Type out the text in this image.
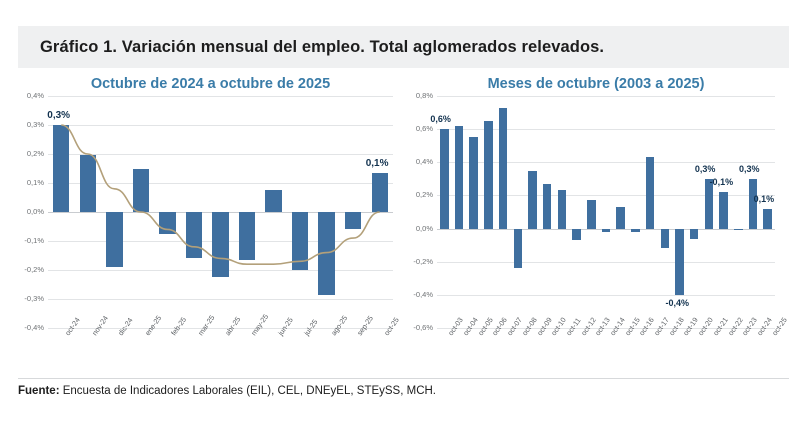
Gráfico 1. Variación mensual del empleo. Total aglomerados relevados.
Octubre de 2024 a octubre de 2025
0,4%
0,3%
0,2%
0,1%
0,0%
-0,1%
-0,2%
-0,3%
-0,4%	oct-24 nov-24 dic-24 ene-25 feb-25 mar-25 abr-25 may-25 jun-25 jul-25 ago-25 sep-25 oct-25
0,3%
0,1%
Meses de octubre (2003 a 2025)
0,8%
0,6%
0,4%
0,2%
0,0%
-0,2%
-0,4%
-0,6% oct-03
oct-04
oct-05
oct-06
oct-07
oct-08
oct-09
oct-10
oct-11
oct-12
oct-13
oct-14
oct-15
oct-16
oct-17
oct-18
oct-19
oct-20
oct-21
oct-22
oct-23
oct-24
oct-25
0,6%
-0,4%
0,3%
-0,1%
0,3%
0,1%
Fuente: Encuesta de Indicadores Laborales (EIL), CEL, DNEyEL, STEySS, MCH.
